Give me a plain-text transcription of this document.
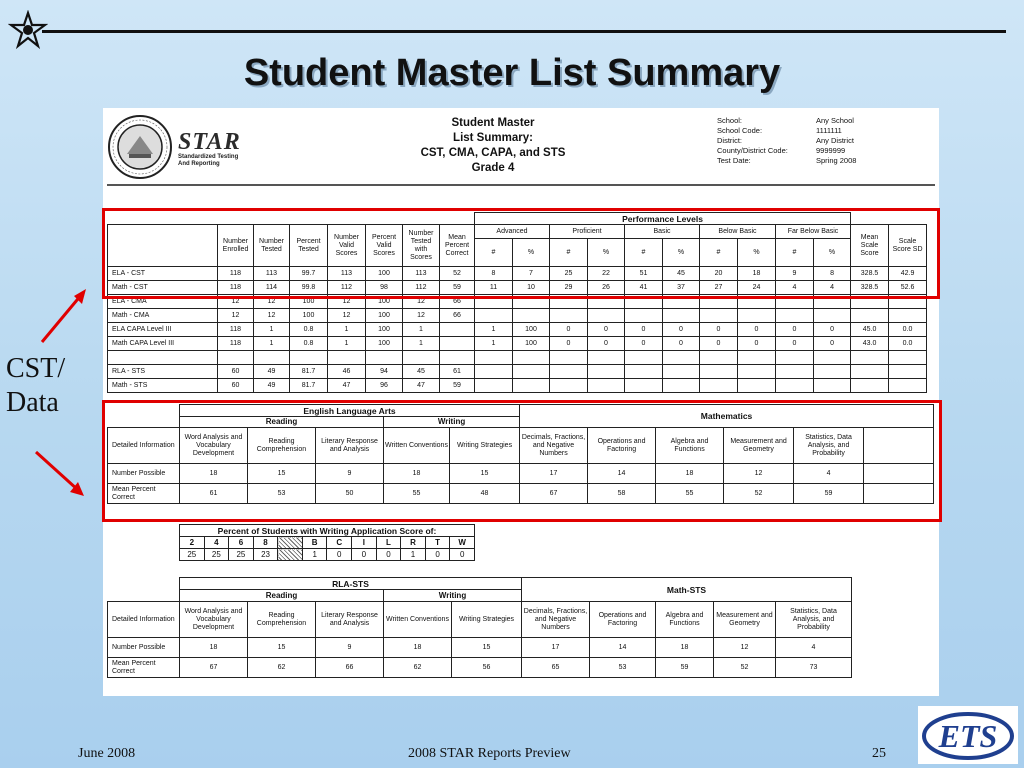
Student Master List Summary
STAR
Standardized Testing
And Reporting
Student Master
List Summary:
CST, CMA, CAPA, and STS
Grade 4
School:	Any School
School Code:	1111111
District:	Any District
County/District Code:	9999999
Test Date:	Spring 2008
								Performance Levels											
	Number Enrolled	Number Tested	Percent Tested	Number Valid Scores	Percent Valid Scores	Number Tested with Scores	Mean Percent Correct	Advanced		Proficient		Basic		Below Basic		Far Below Basic		Mean Scale Score	Scale Score SD
								#	%	#	%	#	%	#	%	#	%		
ELA - CST	118	113	99.7	113	100	113	52	8	7	25	22	51	45	20	18	9	8	328.5	42.9
Math - CST	118	114	99.8	112	98	112	59	11	10	29	26	41	37	27	24	4	4	328.5	52.6
ELA - CMA	12	12	100	12	100	12	66												
Math - CMA	12	12	100	12	100	12	66												
ELA CAPA Level III	118	1	0.8	1	100	1		1	100	0	0	0	0	0	0	0	0	45.0	0.0
Math CAPA Level III	118	1	0.8	1	100	1		1	100	0	0	0	0	0	0	0	0	43.0	0.0

RLA - STS	60	49	81.7	46	94	45	61												
Math - STS	60	49	81.7	47	96	47	59												
	English Language Arts					Mathematics					
	Reading			Writing							
Detailed Information	Word Analysis and Vocabulary Development	Reading Comprehension	Literary Response and Analysis	Written Conventions	Writing Strategies	Decimals, Fractions, and Negative Numbers	Operations and Factoring	Algebra and Functions	Measurement and Geometry	Statistics, Data Analysis, and Probability	
Number Possible	18	15	9	18	15	17	14	18	12	4	
Mean Percent Correct	61	53	50	55	48	67	58	55	52	59	
Percent of Students with Writing Application Score of:											
2	4	6	8		B	C	I	L	R	T	W
25	25	25	23		1	0	0	0	1	0	0
	RLA-STS					Math-STS				
	Reading			Writing						
Detailed Information	Word Analysis and Vocabulary Development	Reading Comprehension	Literary Response and Analysis	Written Conventions	Writing Strategies	Decimals, Fractions, and Negative Numbers	Operations and Factoring	Algebra and Functions	Measurement and Geometry	Statistics, Data Analysis, and Probability
Number Possible	18	15	9	18	15	17	14	18	12	4
Mean Percent Correct	67	62	66	62	56	65	53	59	52	73
CST/
Data
June 2008	2008 STAR Reports Preview	25 ETS
